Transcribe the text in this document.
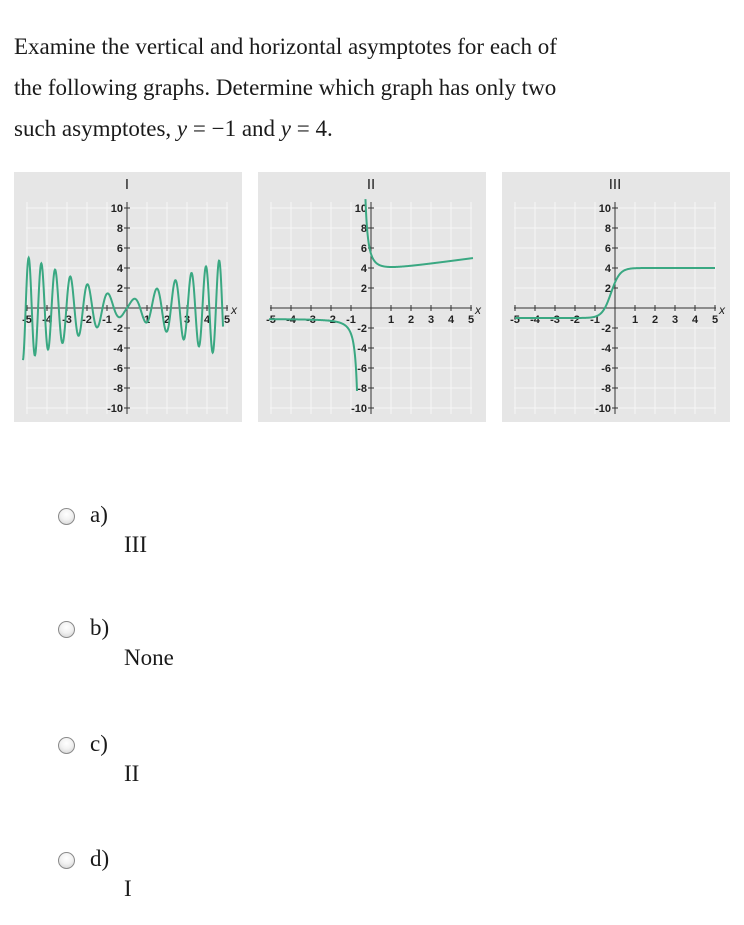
Examine the vertical and horizontal asymptotes for each of
the following graphs. Determine which graph has only two
such asymptotes, y = −1 and y = 4.
I
x
-5 -4 -3 -2 -1	1 2 3 4 5
10
8
6
4
2
-2
-4
-6
-8
-10
II
x
-5 -4 -3 -2 -1	1 2 3 4 5
10
8
6
4
2
-2
-4
-6
-8
-10
III
x
-5 -4 -3 -2 -1	1 2 3 4 5
10
8
6
4
2
-2
-4
-6
-8
-10
a)
III
b)
None
c)
II
d)
I
